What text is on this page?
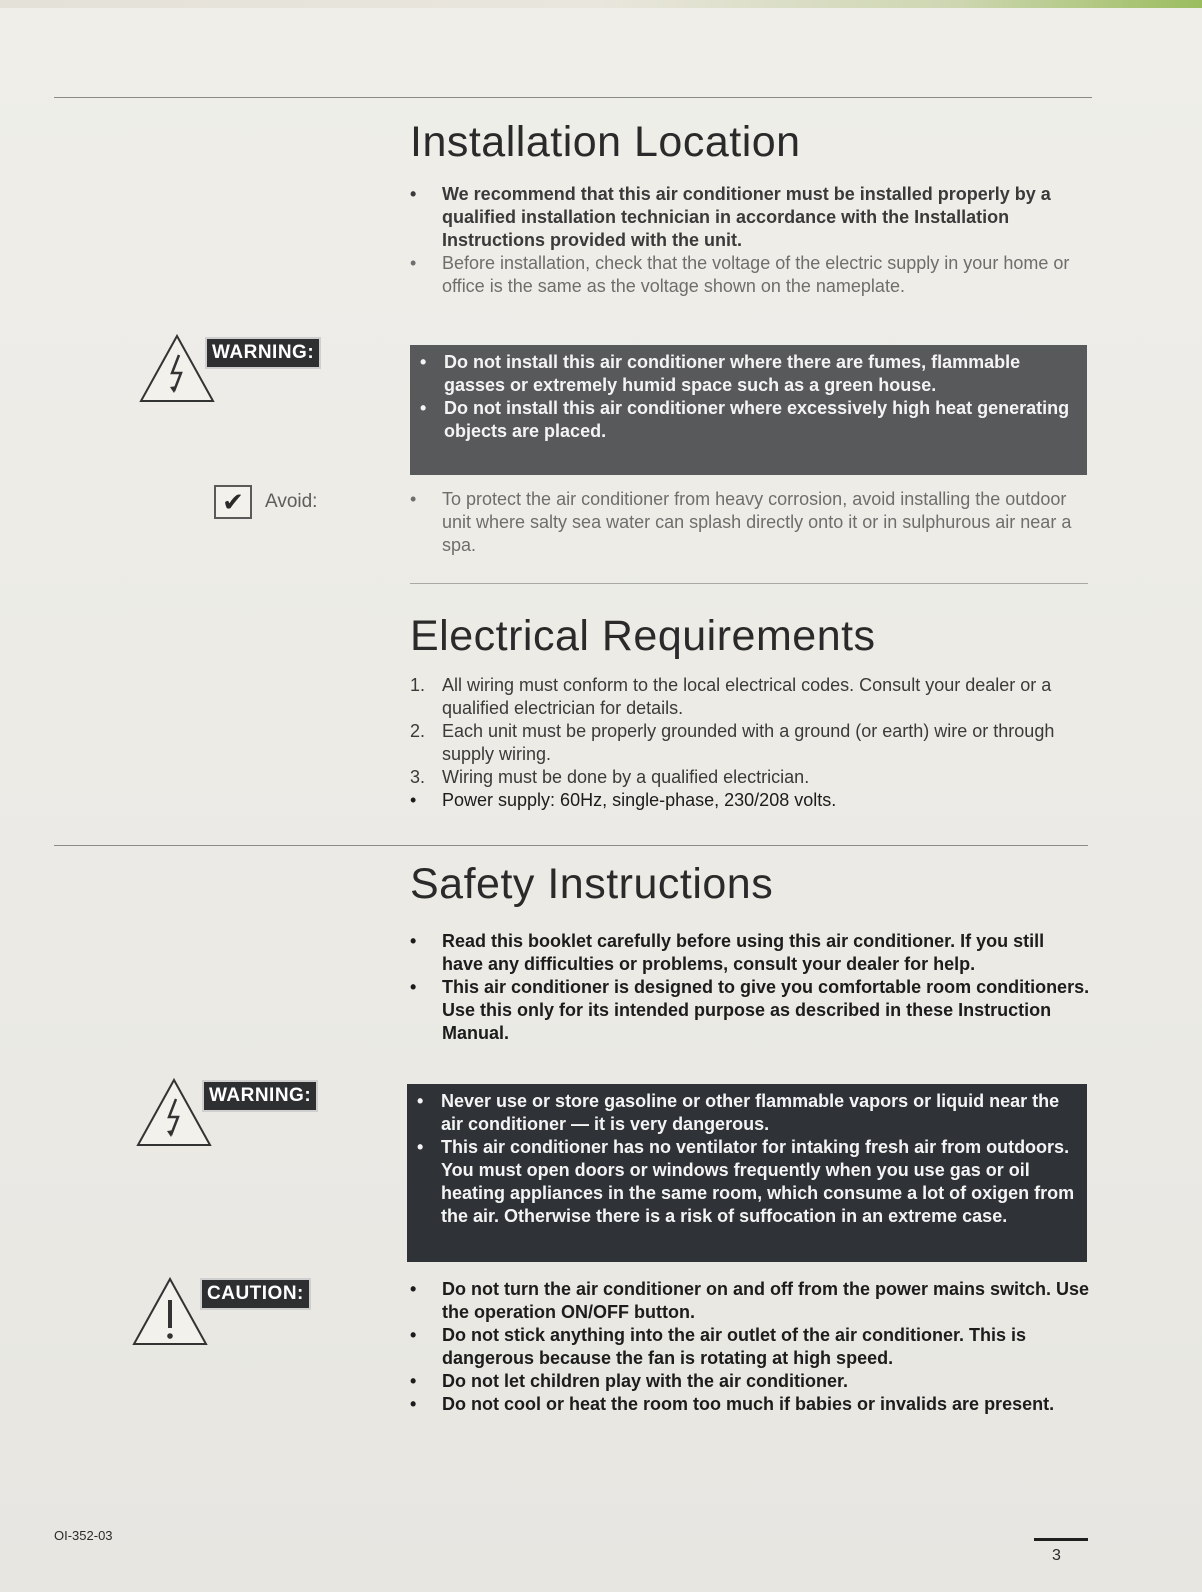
Installation Location
• We recommend that this air conditioner must be installed properly by a qualified installation technician in accordance with the Installation Instructions provided with the unit.
• Before installation, check that the voltage of the electric supply in your home or office is the same as the voltage shown on the nameplate.
WARNING:	• Do not install this air conditioner where there are fumes, flammable gasses or extremely humid space such as a green house.
• Do not install this air conditioner where excessively high heat generating objects are placed.
✔	Avoid:	• To protect the air conditioner from heavy corrosion, avoid installing the outdoor unit where salty sea water can splash directly onto it or in sulphurous air near a spa.
Electrical Requirements
1. All wiring must conform to the local electrical codes. Consult your dealer or a qualified electrician for details.
2. Each unit must be properly grounded with a ground (or earth) wire or through supply wiring.
3. Wiring must be done by a qualified electrician.
• Power supply: 60Hz, single-phase, 230/208 volts.
Safety Instructions
• Read this booklet carefully before using this air conditioner. If you still have any difficulties or problems, consult your dealer for help.
• This air conditioner is designed to give you comfortable room conditioners. Use this only for its intended purpose as described in these Instruction Manual.
WARNING:	• Never use or store gasoline or other flammable vapors or liquid near the air conditioner — it is very dangerous.
• This air conditioner has no ventilator for intaking fresh air from outdoors. You must open doors or windows frequently when you use gas or oil heating appliances in the same room, which consume a lot of oxigen from the air. Otherwise there is a risk of suffocation in an extreme case.
CAUTION:	• Do not turn the air conditioner on and off from the power mains switch. Use the operation ON/OFF button.
• Do not stick anything into the air outlet of the air conditioner. This is dangerous because the fan is rotating at high speed.
• Do not let children play with the air conditioner.
• Do not cool or heat the room too much if babies or invalids are present.
OI-352-03
3
